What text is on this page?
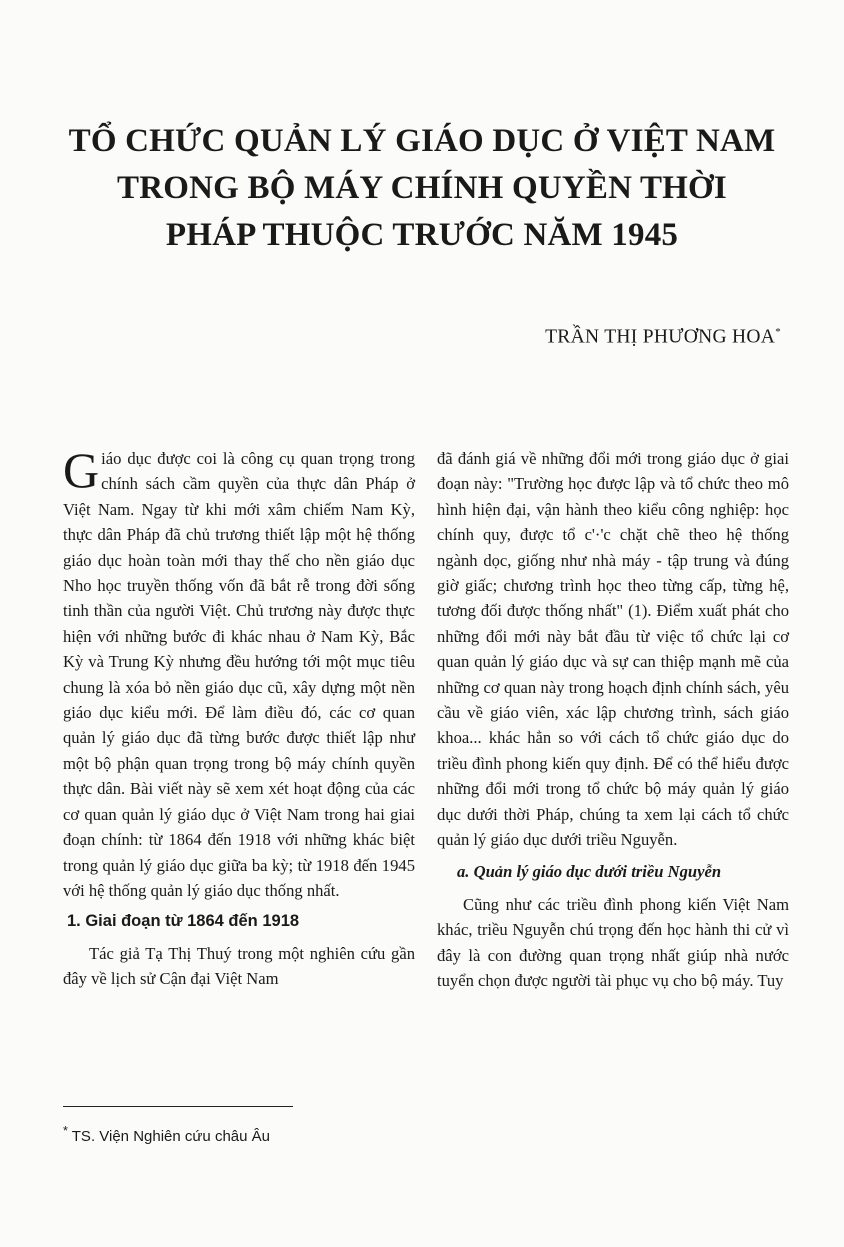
TỔ CHỨC QUẢN LÝ GIÁO DỤC Ở VIỆT NAM
TRONG BỘ MÁY CHÍNH QUYỀN THỜI
PHÁP THUỘC TRƯỚC NĂM 1945

TRẦN THỊ PHƯƠNG HOA*

Giáo dục được coi là công cụ quan trọng trong chính sách cầm quyền của thực dân Pháp ở Việt Nam. Ngay từ khi mới xâm chiếm Nam Kỳ, thực dân Pháp đã chủ trương thiết lập một hệ thống giáo dục hoàn toàn mới thay thế cho nền giáo dục Nho học truyền thống vốn đã bắt rễ trong đời sống tinh thần của người Việt. Chủ trương này được thực hiện với những bước đi khác nhau ở Nam Kỳ, Bắc Kỳ và Trung Kỳ nhưng đều hướng tới một mục tiêu chung là xóa bỏ nền giáo dục cũ, xây dựng một nền giáo dục kiểu mới. Để làm điều đó, các cơ quan quản lý giáo dục đã từng bước được thiết lập như một bộ phận quan trọng trong bộ máy chính quyền thực dân. Bài viết này sẽ xem xét hoạt động của các cơ quan quản lý giáo dục ở Việt Nam trong hai giai đoạn chính: từ 1864 đến 1918 với những khác biệt trong quản lý giáo dục giữa ba kỳ; từ 1918 đến 1945 với hệ thống quản lý giáo dục thống nhất.

1. Giai đoạn từ 1864 đến 1918

Tác giả Tạ Thị Thuý trong một nghiên cứu gần đây về lịch sử Cận đại Việt Nam

đã đánh giá về những đổi mới trong giáo dục ở giai đoạn này: "Trường học được lập và tổ chức theo mô hình hiện đại, vận hành theo kiểu công nghiệp: học chính quy, được tổ c'·'c chặt chẽ theo hệ thống ngành dọc, giống như nhà máy - tập trung và đúng giờ giấc; chương trình học theo từng cấp, từng hệ, tương đối được thống nhất" (1). Điểm xuất phát cho những đổi mới này bắt đầu từ việc tổ chức lại cơ quan quản lý giáo dục và sự can thiệp mạnh mẽ của những cơ quan này trong hoạch định chính sách, yêu cầu về giáo viên, xác lập chương trình, sách giáo khoa... khác hẳn so với cách tổ chức giáo dục do triều đình phong kiến quy định. Để có thể hiểu được những đổi mới trong tổ chức bộ máy quản lý giáo dục dưới thời Pháp, chúng ta xem lại cách tổ chức quản lý giáo dục dưới triều Nguyễn.

a. Quản lý giáo dục dưới triều Nguyễn

Cũng như các triều đình phong kiến Việt Nam khác, triều Nguyễn chú trọng đến học hành thi cử vì đây là con đường quan trọng nhất giúp nhà nước tuyển chọn được người tài phục vụ cho bộ máy. Tuy

* TS. Viện Nghiên cứu châu Âu
